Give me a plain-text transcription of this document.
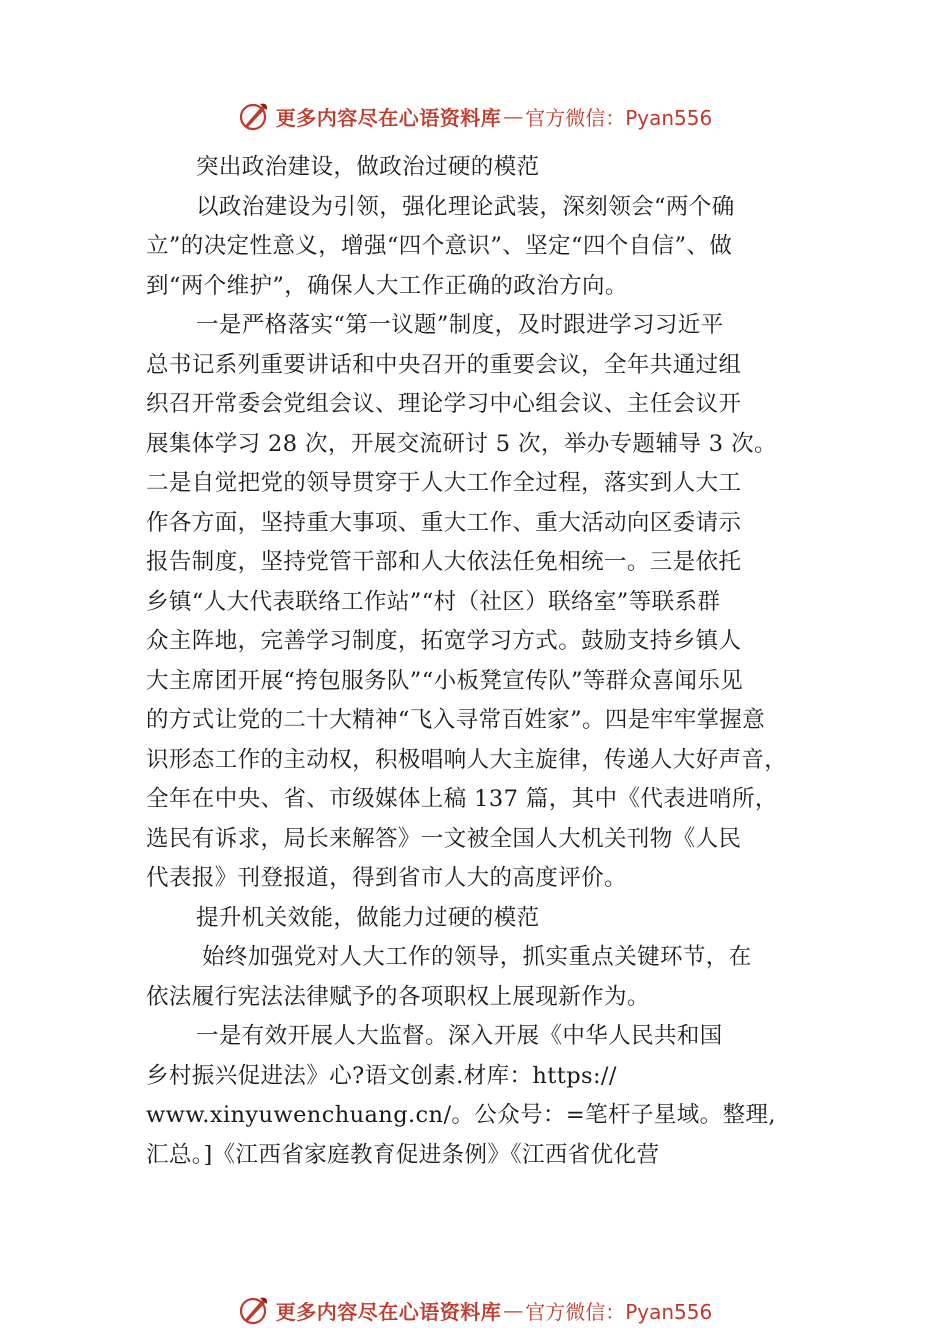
更多内容尽在心语资料库 — 官方微信：Pyan556
突出政治建设，做政治过硬的模范
以政治建设为引领，强化理论武装，深刻领会“两个确
立”的决定性意义，增强“四个意识”、坚定“四个自信”、做
到“两个维护”，确保人大工作正确的政治方向。
一是严格落实“第一议题”制度，及时跟进学习习近平
总书记系列重要讲话和中央召开的重要会议，全年共通过组
织召开常委会党组会议、理论学习中心组会议、主任会议开
展集体学习 28 次，开展交流研讨 5 次，举办专题辅导 3 次。
二是自觉把党的领导贯穿于人大工作全过程，落实到人大工
作各方面，坚持重大事项、重大工作、重大活动向区委请示
报告制度，坚持党管干部和人大依法任免相统一。三是依托
乡镇“人大代表联络工作站”“村（社区）联络室”等联系群
众主阵地，完善学习制度，拓宽学习方式。鼓励支持乡镇人
大主席团开展“挎包服务队”“小板凳宣传队”等群众喜闻乐见
的方式让党的二十大精神“飞入寻常百姓家”。四是牢牢掌握意
识形态工作的主动权，积极唱响人大主旋律，传递人大好声音，
全年在中央、省、市级媒体上稿 137 篇，其中《代表进哨所，
选民有诉求，局长来解答》一文被全国人大机关刊物《人民
代表报》刊登报道，得到省市人大的高度评价。
提升机关效能，做能力过硬的模范
始终加强党对人大工作的领导，抓实重点关键环节，在
依法履行宪法法律赋予的各项职权上展现新作为。
一是有效开展人大监督。深入开展《中华人民共和国
乡村振兴促进法》心?语文创素.材库：https://
www.xinyuwenchuang.cn/。公众号：=笔杆子星域。整理,
汇总。]《江西省家庭教育促进条例》《江西省优化营
更多内容尽在心语资料库 — 官方微信：Pyan556
